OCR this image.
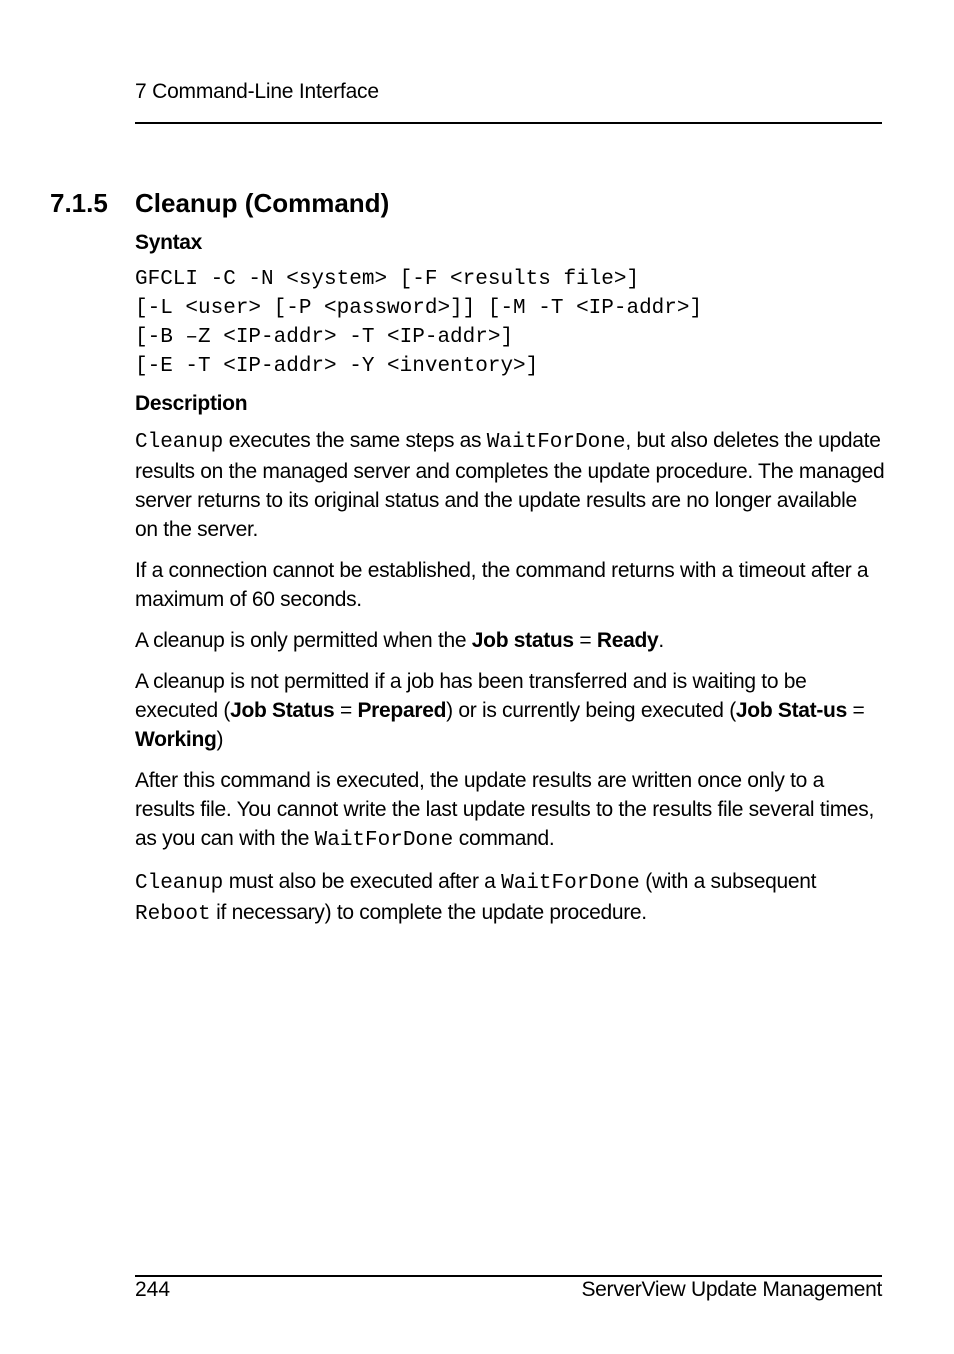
7 Command-Line Interface
7.1.5 Cleanup (Command)
Syntax
GFCLI -C -N <system> [-F <results file>]
[-L <user> [-P <password>]] [-M -T <IP-addr>]
[-B –Z <IP-addr> -T <IP-addr>]
[-E -T <IP-addr> -Y <inventory>]
Description

Cleanup executes the same steps as WaitForDone, but also deletes the update results on the managed server and completes the update procedure. The managed server returns to its original status and the update results are no longer available on the server.

If a connection cannot be established, the command returns with a timeout after a maximum of 60 seconds.

A cleanup is only permitted when the Job status = Ready.

A cleanup is not permitted if a job has been transferred and is waiting to be executed (Job Status = Prepared) or is currently being executed (Job Stat-us = Working)

After this command is executed, the update results are written once only to a results file. You cannot write the last update results to the results file several times, as you can with the WaitForDone command.

Cleanup must also be executed after a WaitForDone (with a subsequent Reboot if necessary) to complete the update procedure.

244	ServerView Update Management
